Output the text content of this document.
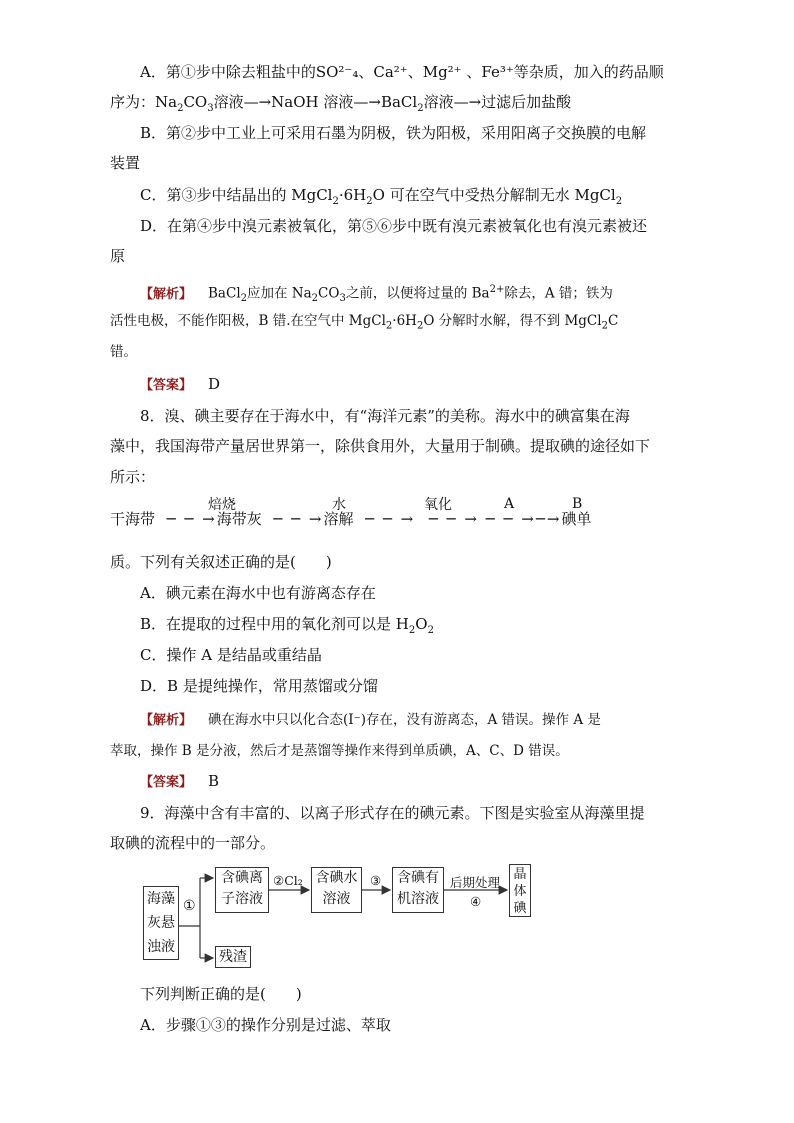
A．第①步中除去粗盐中的SO²⁻₄、Ca²⁺、Mg²⁺ 、Fe³⁺等杂质，加入的药品顺
序为：$Na_2CO_3$溶液—→NaOH 溶液—→BaCl$_2$溶液—→过滤后加盐酸
B．第②步中工业上可采用石墨为阴极，铁为阳极，采用阳离子交换膜的电解
装置
C．第③步中结晶出的 $MgCl_2\cdot 6H_2O$ 可在空气中受热分解制无水 MgCl$_2$
D．在第④步中溴元素被氧化，第⑤⑥步中既有溴元素被氧化也有溴元素被还
原
【解析】 BaCl$_2$应加在 $Na_2CO_3$之前，以便将过量的 $Ba^{2+}$除去，A 错；铁为
活性电极，不能作阳极，B 错.在空气中 $MgCl_2\cdot 6H_2O$ 分解时水解，得不到 MgCl$_2$C
错。
【答案】 D
8．溴、碘主要存在于海水中，有“海洋元素”的美称。海水中的碘富集在海
藻中，我国海带产量居世界第一，除供食用外，大量用于制碘。提取碘的途径如下
所示：
焙烧	水	氧化	A	B
干海带  ─ ─ →海带灰  ─ ─ →溶解  ─ ─ →  ─ ─ → ─ ─ →─→碘单
质。下列有关叙述正确的是(　　)
A．碘元素在海水中也有游离态存在
B．在提取的过程中用的氧化剂可以是 $H_2O_2$
C．操作 A 是结晶或重结晶
D．B 是提纯操作，常用蒸馏或分馏
【解析】 碘在海水中只以化合态(I⁻)存在，没有游离态，A 错误。操作 A 是
萃取，操作 B 是分液，然后才是蒸馏等操作来得到单质碘，A、C、D 错误。
【答案】 B
9．海藻中含有丰富的、以离子形式存在的碘元素。下图是实验室从海藻里提
取碘的流程中的一部分。
海藻灰悬浊液
①
含碘离子溶液
②Cl₂ 含碘水溶液
③	含碘有机溶液
后期处理
④
晶体碘
残渣
下列判断正确的是(　　)
A．步骤①③的操作分别是过滤、萃取
